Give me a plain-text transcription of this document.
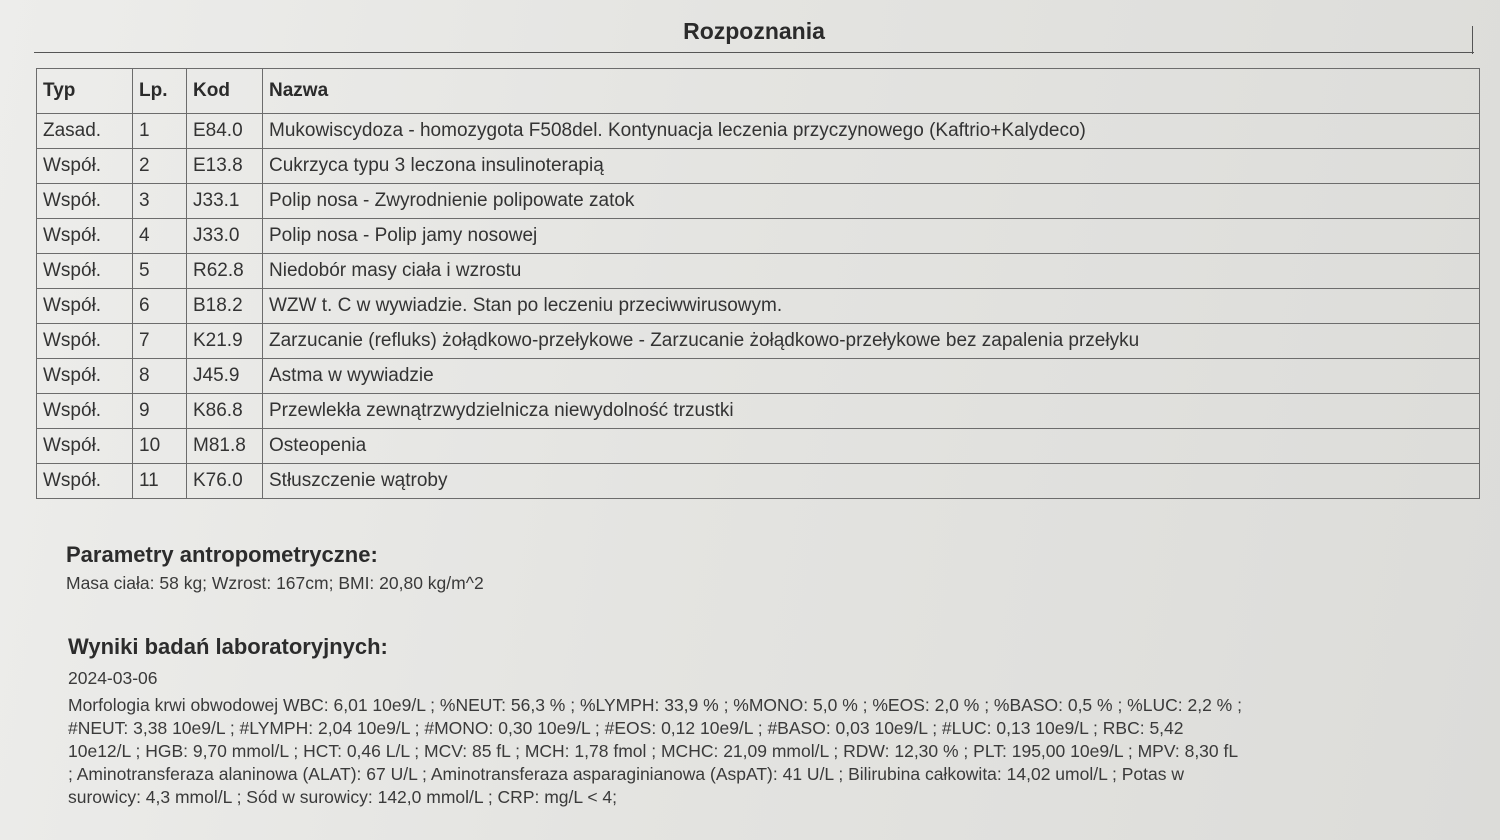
Rozpoznania
Typ	Lp.	Kod	Nazwa
Zasad.	1	E84.0	Mukowiscydoza - homozygota F508del. Kontynuacja leczenia przyczynowego (Kaftrio+Kalydeco)
Współ.	2	E13.8	Cukrzyca typu 3 leczona insulinoterapią
Współ.	3	J33.1	Polip nosa - Zwyrodnienie polipowate zatok
Współ.	4	J33.0	Polip nosa - Polip jamy nosowej
Współ.	5	R62.8	Niedobór masy ciała i wzrostu
Współ.	6	B18.2	WZW t. C w wywiadzie. Stan po leczeniu przeciwwirusowym.
Współ.	7	K21.9	Zarzucanie (refluks) żołądkowo-przełykowe - Zarzucanie żołądkowo-przełykowe bez zapalenia przełyku
Współ.	8	J45.9	Astma w wywiadzie
Współ.	9	K86.8	Przewlekła zewnątrzwydzielnicza niewydolność trzustki
Współ.	10	M81.8	Osteopenia
Współ.	11	K76.0	Stłuszczenie wątroby
Parametry antropometryczne:
Masa ciała: 58 kg; Wzrost: 167cm; BMI: 20,80 kg/m^2
Wyniki badań laboratoryjnych:
2024-03-06
Morfologia krwi obwodowej WBC: 6,01 10e9/L ; %NEUT: 56,3 % ; %LYMPH: 33,9 % ; %MONO: 5,0 % ; %EOS: 2,0 % ; %BASO: 0,5 % ; %LUC: 2,2 % ;
#NEUT: 3,38 10e9/L ; #LYMPH: 2,04 10e9/L ; #MONO: 0,30 10e9/L ; #EOS: 0,12 10e9/L ; #BASO: 0,03 10e9/L ; #LUC: 0,13 10e9/L ; RBC: 5,42
10e12/L ; HGB: 9,70 mmol/L ; HCT: 0,46 L/L ; MCV: 85 fL ; MCH: 1,78 fmol ; MCHC: 21,09 mmol/L ; RDW: 12,30 % ; PLT: 195,00 10e9/L ; MPV: 8,30 fL
; Aminotransferaza alaninowa (ALAT): 67 U/L ; Aminotransferaza asparaginianowa (AspAT): 41 U/L ; Bilirubina całkowita: 14,02 umol/L ; Potas w
surowicy: 4,3 mmol/L ; Sód w surowicy: 142,0 mmol/L ; CRP: mg/L < 4;
